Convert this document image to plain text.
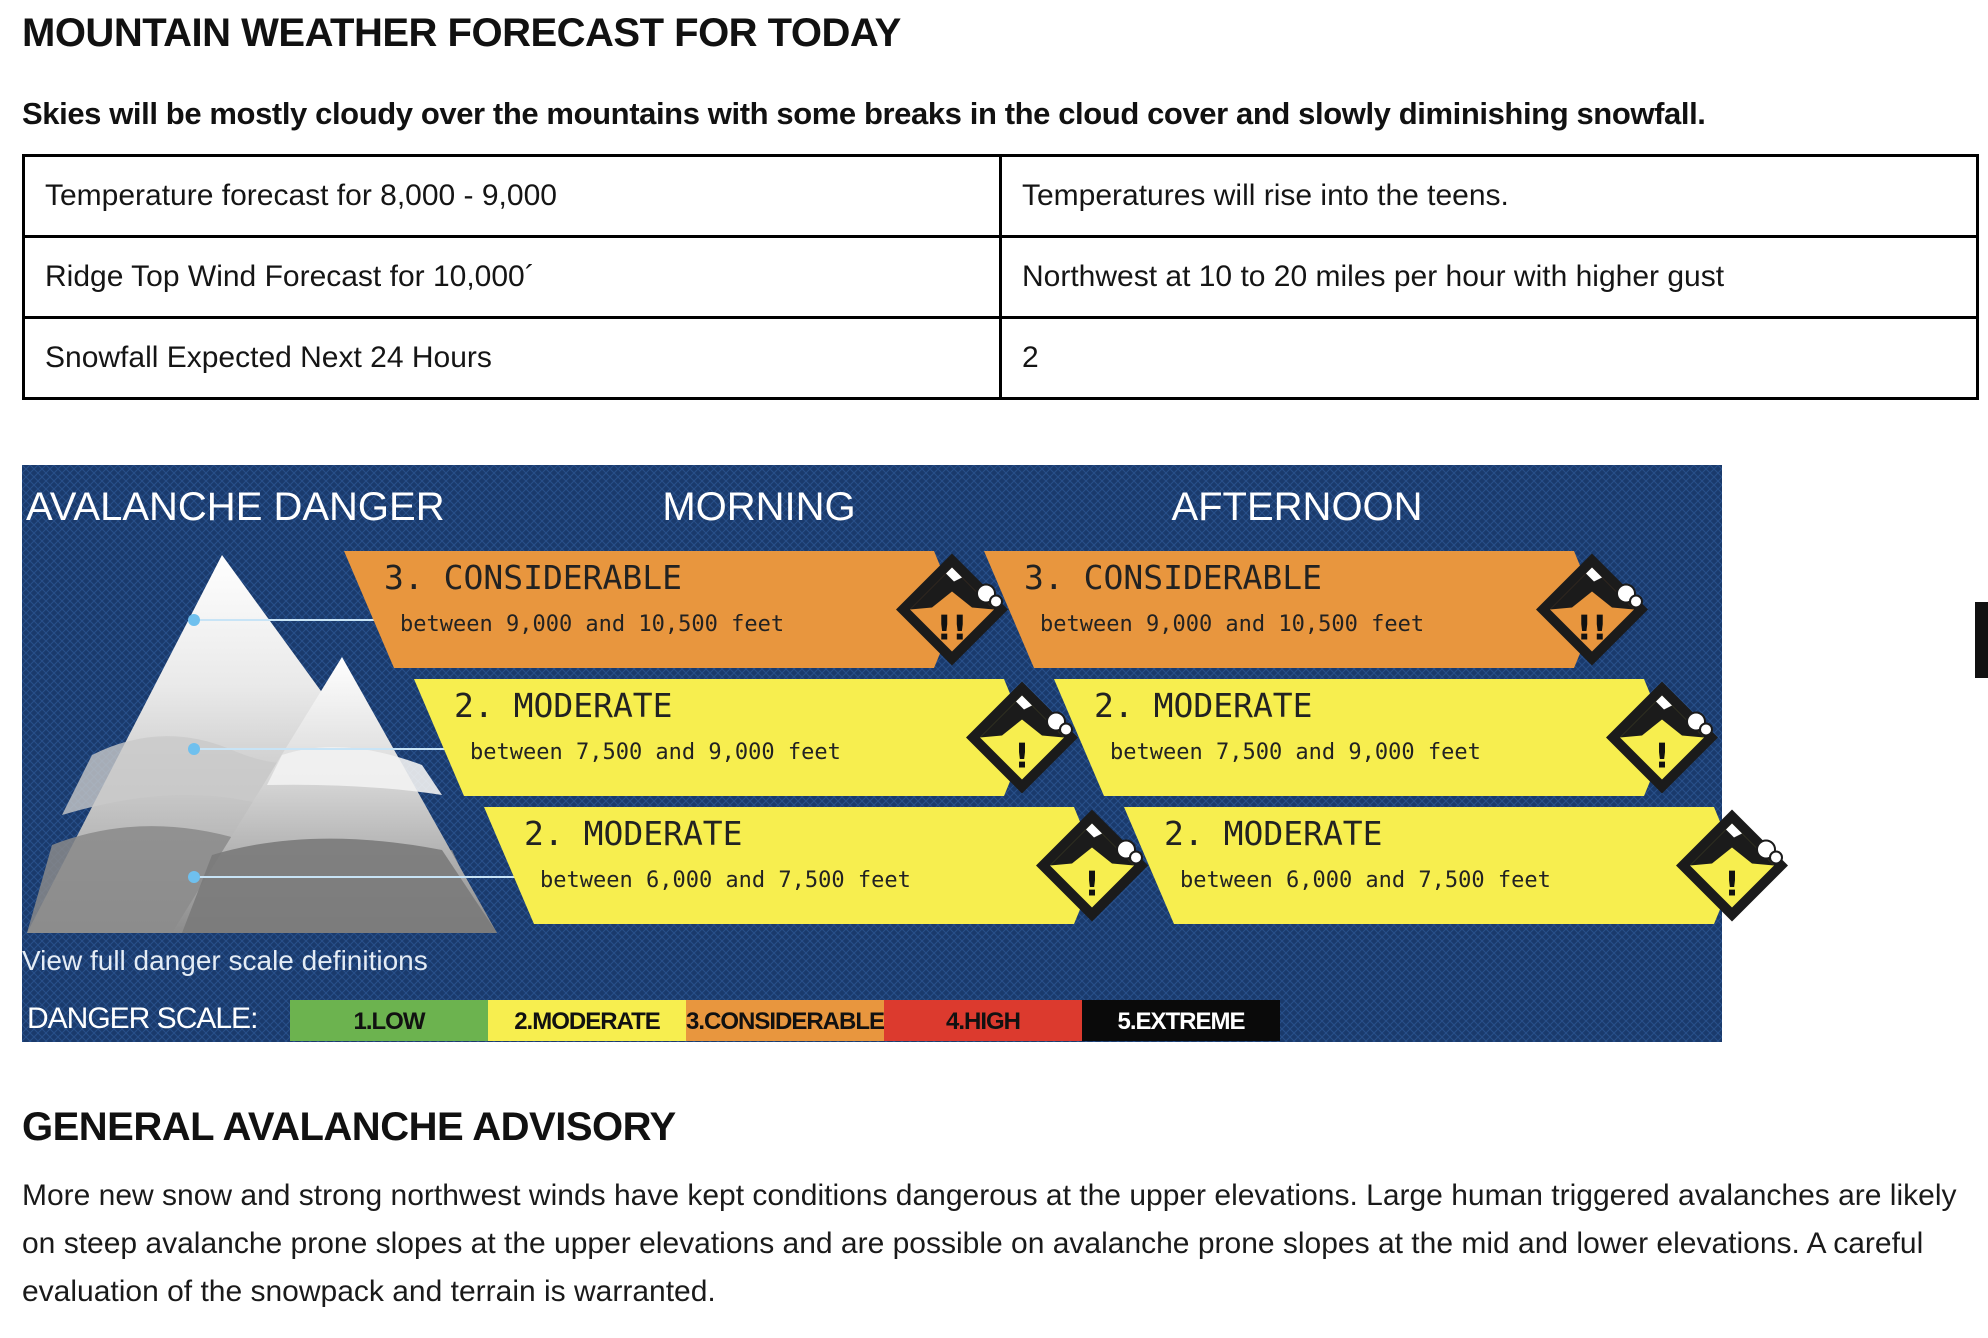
MOUNTAIN WEATHER FORECAST FOR TODAY

Skies will be mostly cloudy over the mountains with some breaks in the cloud cover and slowly diminishing snowfall.

Temperature forecast for 8,000 - 9,000	Temperatures will rise into the teens.
Ridge Top Wind Forecast for 10,000´	Northwest at 10 to 20 miles per hour with higher gust
Snowfall Expected Next 24 Hours	2
AVALANCHE DANGER	MORNING	AFTERNOON
3. CONSIDERABLE
between 9,000 and 10,500 feet	!!
2. MODERATE
between 7,500 and 9,000 feet	!
2. MODERATE
between 6,000 and 7,500 feet	!
3. CONSIDERABLE
between 9,000 and 10,500 feet	!!
2. MODERATE
between 7,500 and 9,000 feet	!
2. MODERATE
between 6,000 and 7,500 feet	!
View full danger scale definitions
DANGER SCALE:	1.LOW	2.MODERATE 3.CONSIDERABLE	4.HIGH	5.EXTREME
GENERAL AVALANCHE ADVISORY

More new snow and strong northwest winds have kept conditions dangerous at the upper elevations. Large human triggered avalanches are likely on steep avalanche prone slopes at the upper elevations and are possible on avalanche prone slopes at the mid and lower elevations. A careful evaluation of the snowpack and terrain is warranted.
